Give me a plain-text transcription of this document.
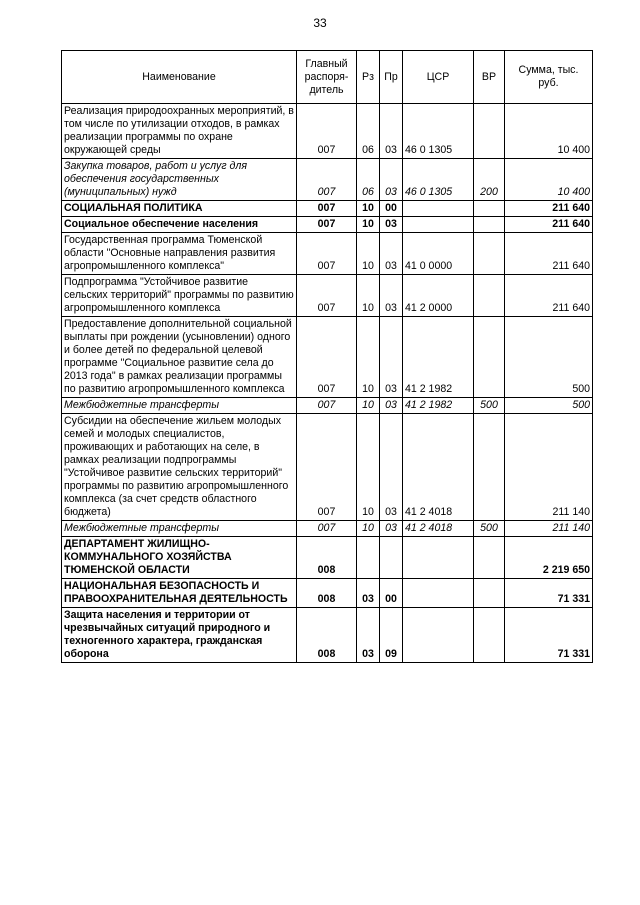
33
Наименование	Главный распоря-дитель	Рз	Пр	ЦСР	ВР	Сумма, тыс. руб.
Реализация природоохранных мероприятий, в том числе по утилизации отходов, в рамках реализации программы по охране окружающей среды	007	06	03	46 0 1305		10 400
Закупка товаров, работ и услуг для обеспечения государственных (муниципальных) нужд	007	06	03	46 0 1305	200	10 400
СОЦИАЛЬНАЯ ПОЛИТИКА	007	10	00			211 640
Социальное обеспечение населения	007	10	03			211 640
Государственная программа Тюменской области "Основные направления развития агропромышленного комплекса"	007	10	03	41 0 0000		211 640
Подпрограмма "Устойчивое развитие сельских территорий" программы по развитию агропромышленного комплекса	007	10	03	41 2 0000		211 640
Предоставление дополнительной социальной выплаты при рождении (усыновлении) одного и более детей по федеральной целевой программе "Социальное развитие села до 2013 года" в рамках реализации программы по развитию агропромышленного комплекса	007	10	03	41 2 1982		500
Межбюджетные трансферты	007	10	03	41 2 1982	500	500
Субсидии на обеспечение жильем молодых семей и молодых специалистов, проживающих и работающих на селе, в рамках реализации подпрограммы "Устойчивое развитие сельских территорий" программы по развитию агропромышленного комплекса (за счет средств областного бюджета)	007	10	03	41 2 4018		211 140
Межбюджетные трансферты	007	10	03	41 2 4018	500	211 140
ДЕПАРТАМЕНТ ЖИЛИЩНО-КОММУНАЛЬНОГО ХОЗЯЙСТВА ТЮМЕНСКОЙ ОБЛАСТИ	008					2 219 650
НАЦИОНАЛЬНАЯ БЕЗОПАСНОСТЬ И ПРАВООХРАНИТЕЛЬНАЯ ДЕЯТЕЛЬНОСТЬ	008	03	00			71 331
Защита населения и территории от чрезвычайных ситуаций природного и техногенного характера, гражданская оборона	008	03	09			71 331
